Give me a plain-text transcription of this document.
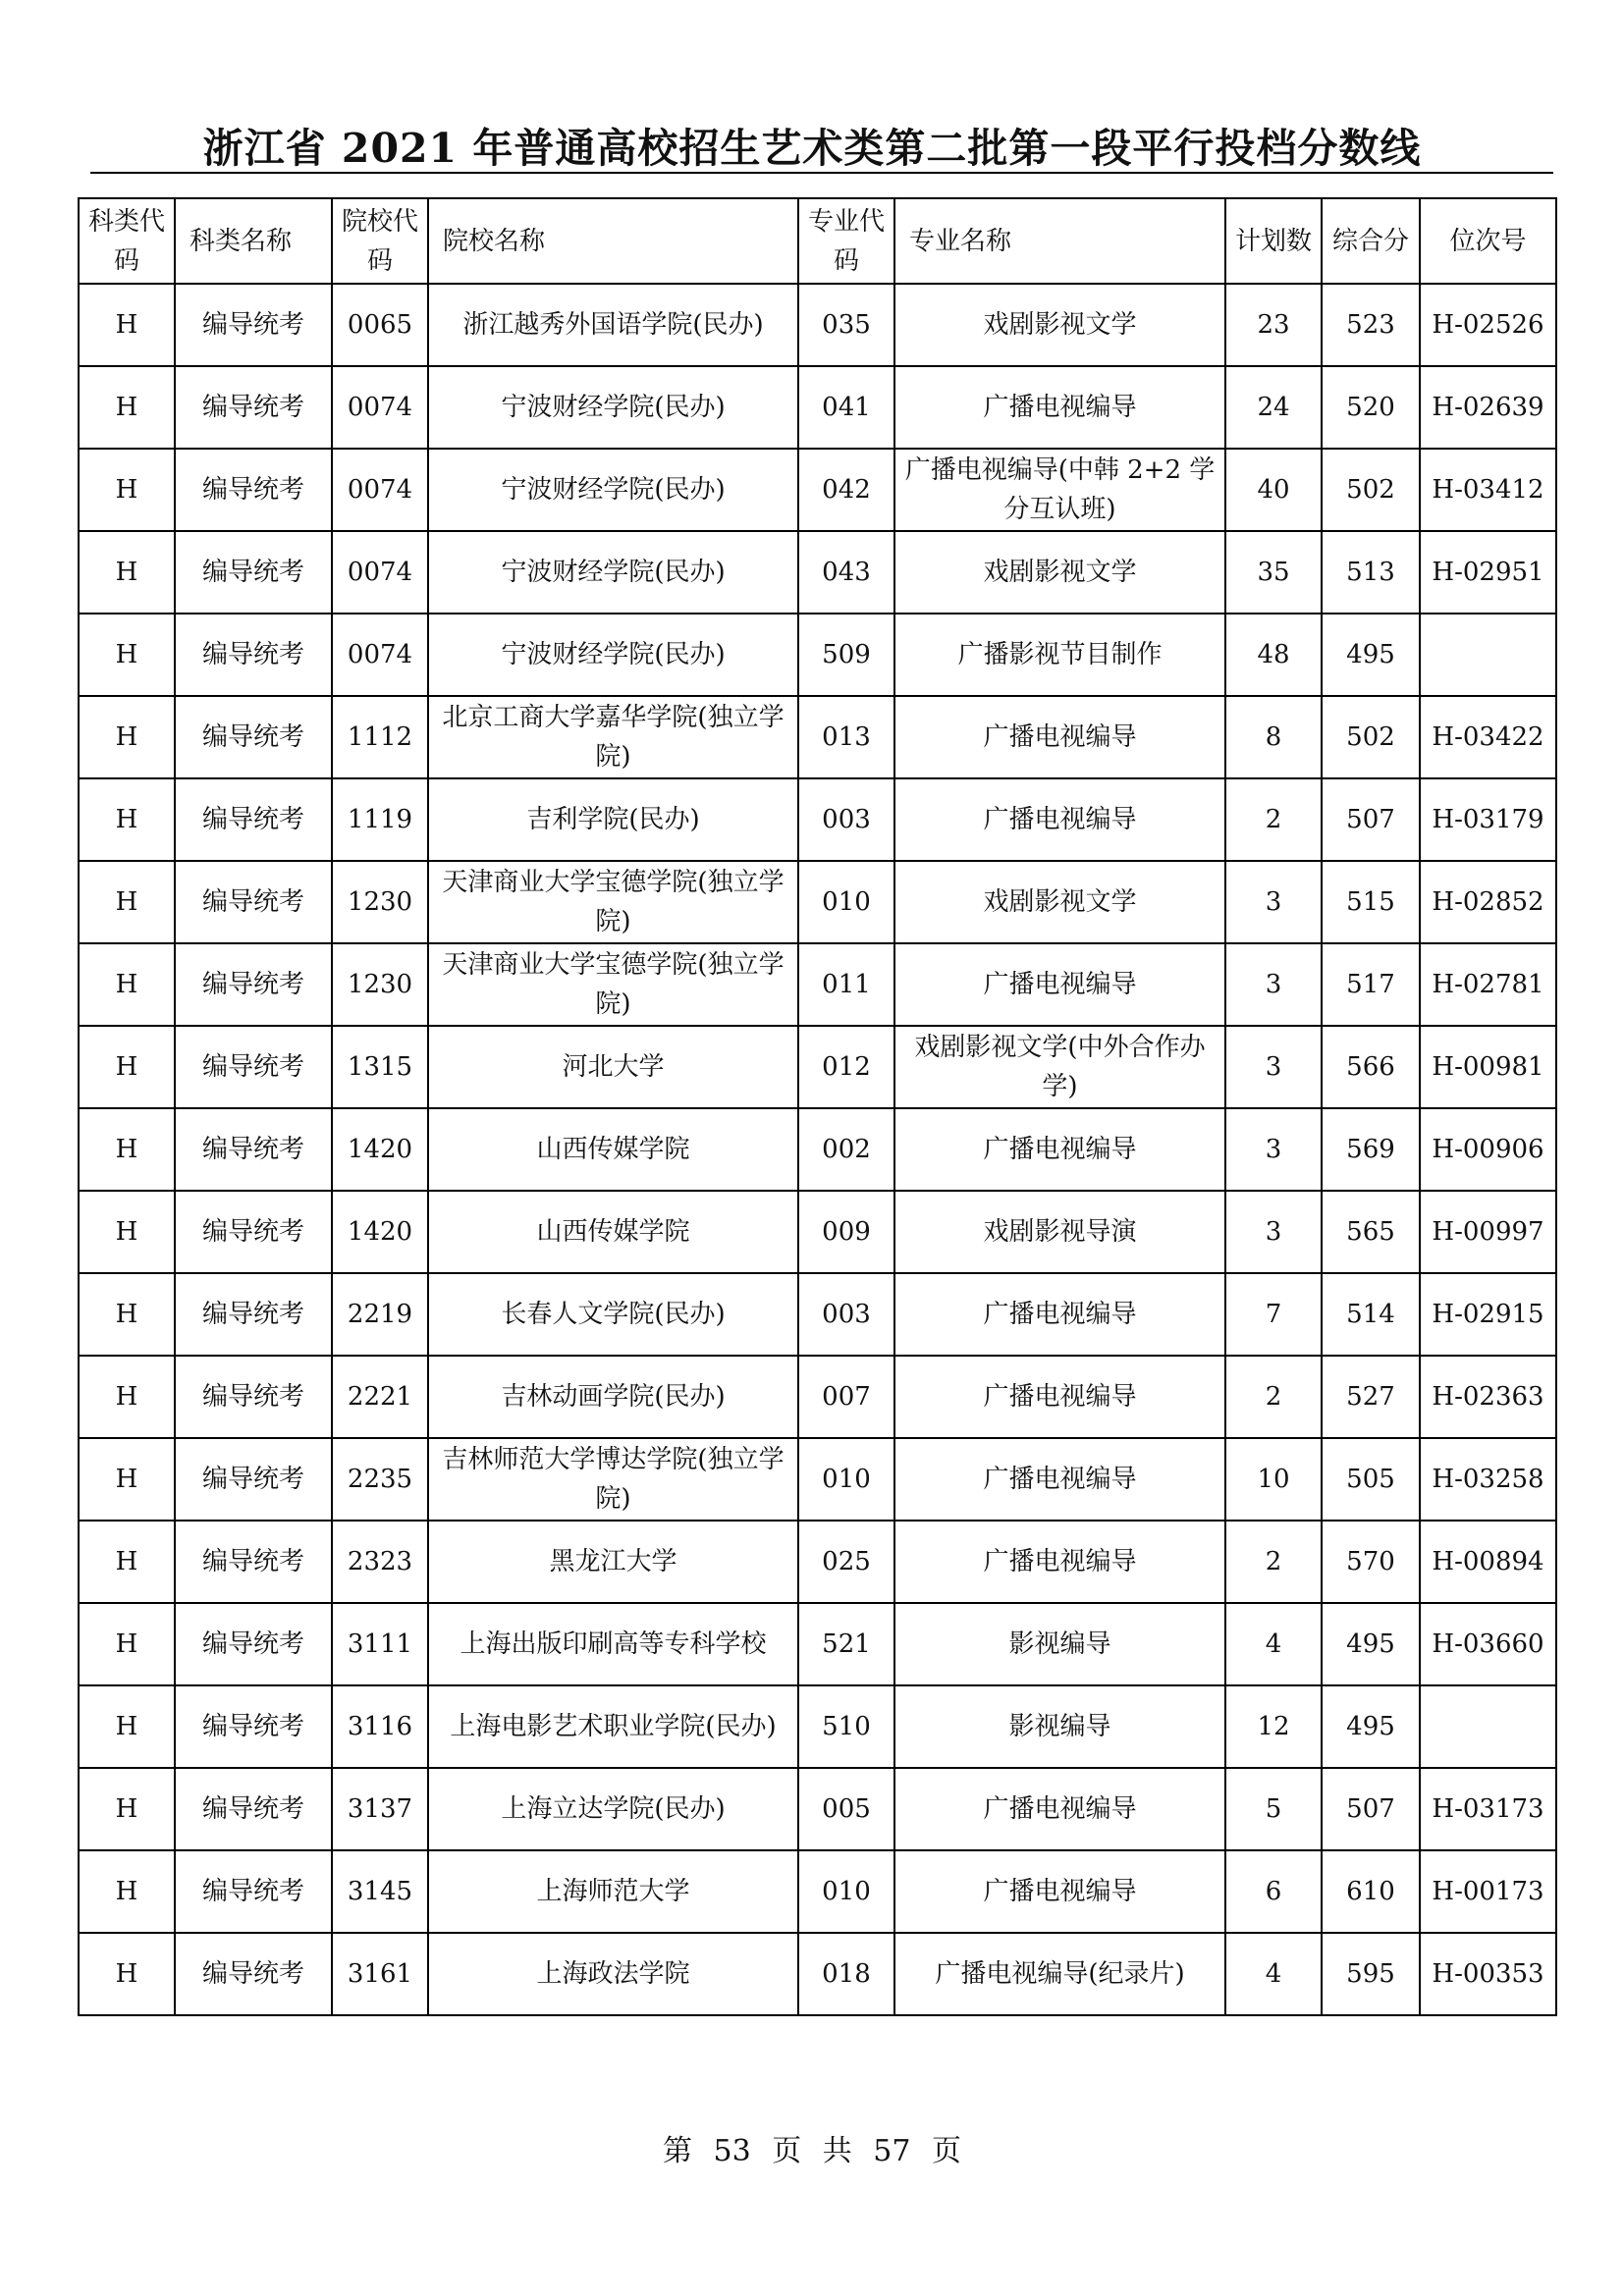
浙江省 2021 年普通高校招生艺术类第二批第一段平行投档分数线
科类代码	科类名称	院校代码	院校名称	专业代码	专业名称	计划数	综合分	位次号
H	编导统考	0065	浙江越秀外国语学院(民办)	035	戏剧影视文学	23	523	H-02526
H	编导统考	0074	宁波财经学院(民办)	041	广播电视编导	24	520	H-02639
H	编导统考	0074	宁波财经学院(民办)	042	广播电视编导(中韩 2+2 学分互认班)	40	502	H-03412
H	编导统考	0074	宁波财经学院(民办)	043	戏剧影视文学	35	513	H-02951
H	编导统考	0074	宁波财经学院(民办)	509	广播影视节目制作	48	495	
H	编导统考	1112	北京工商大学嘉华学院(独立学院)	013	广播电视编导	8	502	H-03422
H	编导统考	1119	吉利学院(民办)	003	广播电视编导	2	507	H-03179
H	编导统考	1230	天津商业大学宝德学院(独立学院)	010	戏剧影视文学	3	515	H-02852
H	编导统考	1230	天津商业大学宝德学院(独立学院)	011	广播电视编导	3	517	H-02781
H	编导统考	1315	河北大学	012	戏剧影视文学(中外合作办学)	3	566	H-00981
H	编导统考	1420	山西传媒学院	002	广播电视编导	3	569	H-00906
H	编导统考	1420	山西传媒学院	009	戏剧影视导演	3	565	H-00997
H	编导统考	2219	长春人文学院(民办)	003	广播电视编导	7	514	H-02915
H	编导统考	2221	吉林动画学院(民办)	007	广播电视编导	2	527	H-02363
H	编导统考	2235	吉林师范大学博达学院(独立学院)	010	广播电视编导	10	505	H-03258
H	编导统考	2323	黑龙江大学	025	广播电视编导	2	570	H-00894
H	编导统考	3111	上海出版印刷高等专科学校	521	影视编导	4	495	H-03660
H	编导统考	3116	上海电影艺术职业学院(民办)	510	影视编导	12	495	
H	编导统考	3137	上海立达学院(民办)	005	广播电视编导	5	507	H-03173
H	编导统考	3145	上海师范大学	010	广播电视编导	6	610	H-00173
H	编导统考	3161	上海政法学院	018	广播电视编导(纪录片)	4	595	H-00353
第 53 页 共 57 页
